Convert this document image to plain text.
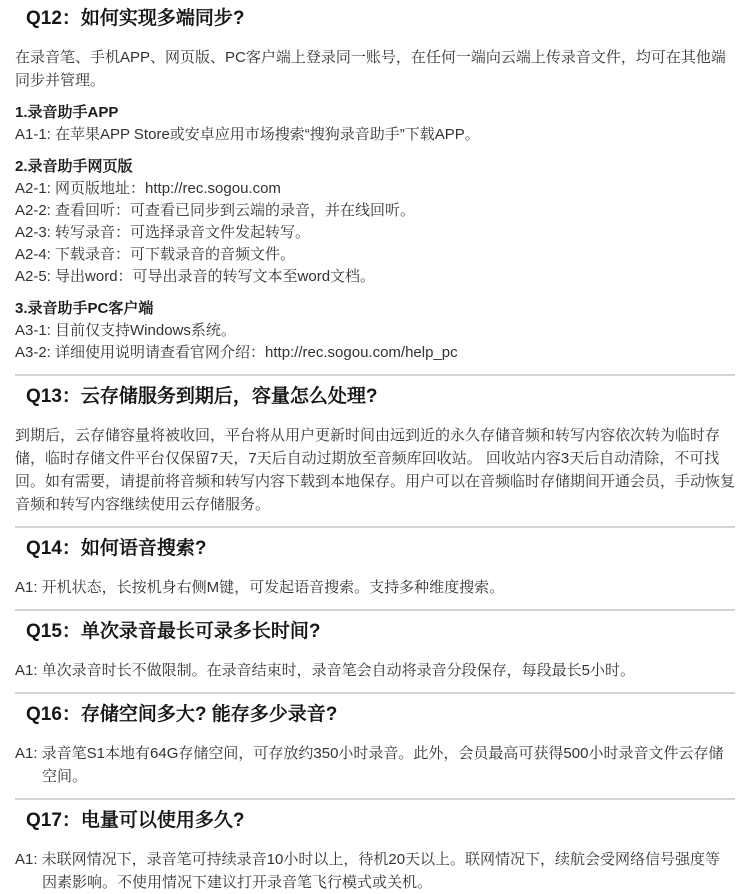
Q12：如何实现多端同步?

在录音笔、手机APP、网页版、PC客户端上登录同一账号，在任何一端向云端上传录音文件，均可在其他端同步并管理。

1.录音助手APP
A1-1: 在苹果APP Store或安卓应用市场搜索“搜狗录音助手”下载APP。
2.录音助手网页版
A2-1: 网页版地址：http://rec.sogou.com
A2-2: 查看回听：可查看已同步到云端的录音，并在线回听。
A2-3: 转写录音：可选择录音文件发起转写。
A2-4: 下载录音：可下载录音的音频文件。
A2-5: 导出word：可导出录音的转写文本至word文档。
3.录音助手PC客户端
A3-1: 目前仅支持Windows系统。
A3-2: 详细使用说明请查看官网介绍：http://rec.sogou.com/help_pc
Q13：云存储服务到期后，容量怎么处理?

到期后，云存储容量将被收回，平台将从用户更新时间由远到近的永久存储音频和转写内容依次转为临时存储，临时存储文件平台仅保留7天，7天后自动过期放至音频库回收站。 回收站内容3天后自动清除，不可找回。如有需要，请提前将音频和转写内容下载到本地保存。用户可以在音频临时存储期间开通会员，手动恢复音频和转写内容继续使用云存储服务。

Q14：如何语音搜索?

A1: 开机状态，长按机身右侧M键，可发起语音搜索。支持多种维度搜索。

Q15：单次录音最长可录多长时间?

A1: 单次录音时长不做限制。在录音结束时，录音笔会自动将录音分段保存，每段最长5小时。

Q16：存储空间多大? 能存多少录音?

A1: 录音笔S1本地有64G存储空间，可存放约350小时录音。此外，会员最高可获得500小时录音文件云存储空间。

Q17：电量可以使用多久?

A1: 未联网情况下，录音笔可持续录音10小时以上，待机20天以上。联网情况下，续航会受网络信号强度等因素影响。不使用情况下建议打开录音笔飞行模式或关机。
